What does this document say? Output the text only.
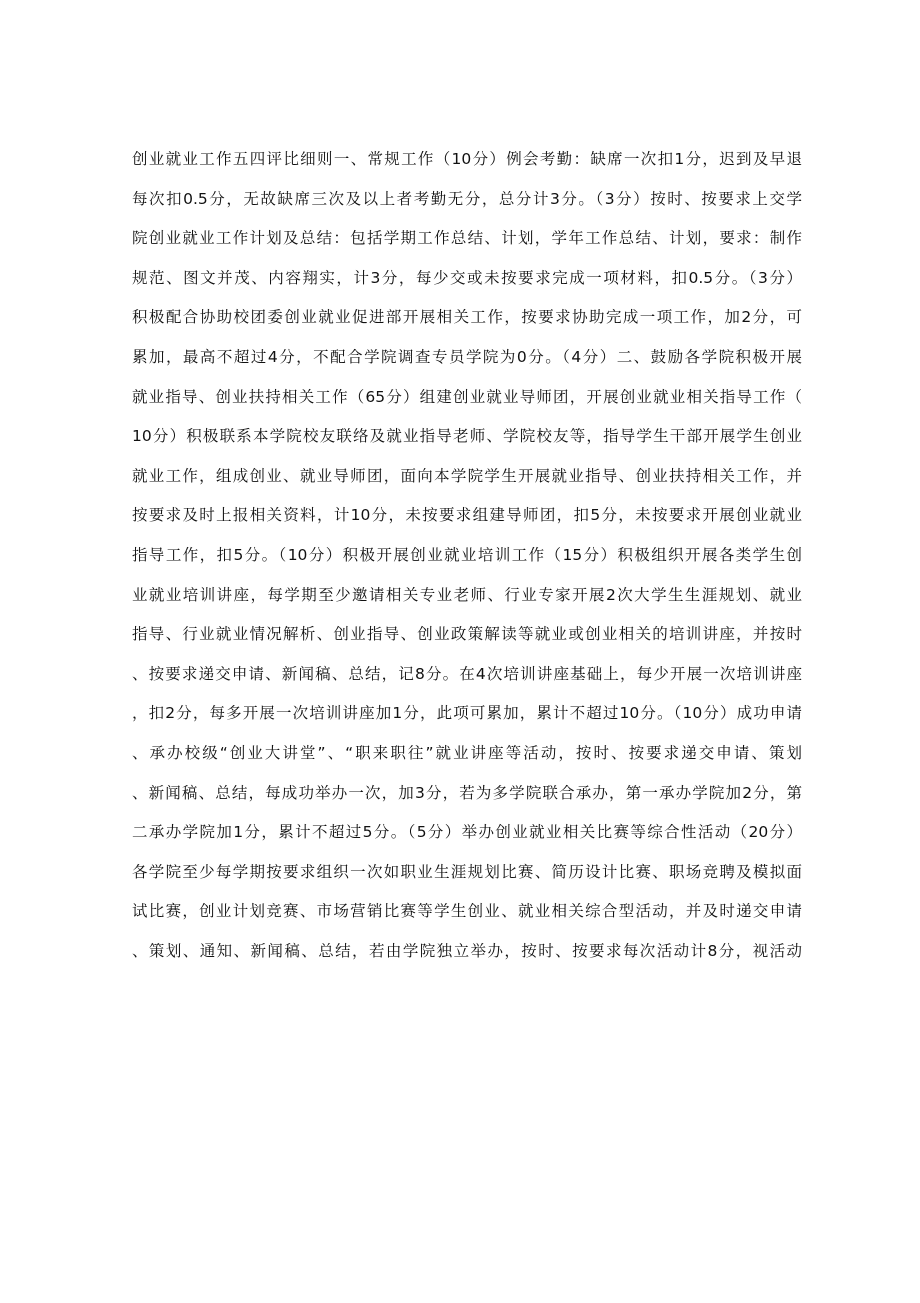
创业就业工作五四评比细则一、常规工作（10分）例会考勤：缺席一次扣1分，迟到及早退
每次扣0.5分，无故缺席三次及以上者考勤无分，总分计3分。（3分）按时、按要求上交学
院创业就业工作计划及总结：包括学期工作总结、计划，学年工作总结、计划，要求：制作
规范、图文并茂、内容翔实，计3分，每少交或未按要求完成一项材料，扣0.5分。（3分）
积极配合协助校团委创业就业促进部开展相关工作，按要求协助完成一项工作，加2分，可
累加，最高不超过4分，不配合学院调查专员学院为0分。（4分）二、鼓励各学院积极开展
就业指导、创业扶持相关工作（65分）组建创业就业导师团，开展创业就业相关指导工作（
10分）积极联系本学院校友联络及就业指导老师、学院校友等，指导学生干部开展学生创业
就业工作，组成创业、就业导师团，面向本学院学生开展就业指导、创业扶持相关工作，并
按要求及时上报相关资料，计10分，未按要求组建导师团，扣5分，未按要求开展创业就业
指导工作，扣5分。（10分）积极开展创业就业培训工作（15分）积极组织开展各类学生创
业就业培训讲座，每学期至少邀请相关专业老师、行业专家开展2次大学生生涯规划、就业
指导、行业就业情况解析、创业指导、创业政策解读等就业或创业相关的培训讲座，并按时
、按要求递交申请、新闻稿、总结，记8分。在4次培训讲座基础上，每少开展一次培训讲座
，扣2分，每多开展一次培训讲座加1分，此项可累加，累计不超过10分。（10分）成功申请
、承办校级“创业大讲堂”、“职来职往”就业讲座等活动，按时、按要求递交申请、策划
、新闻稿、总结，每成功举办一次，加3分，若为多学院联合承办，第一承办学院加2分，第
二承办学院加1分，累计不超过5分。（5分）举办创业就业相关比赛等综合性活动（20分）
各学院至少每学期按要求组织一次如职业生涯规划比赛、简历设计比赛、职场竞聘及模拟面
试比赛，创业计划竞赛、市场营销比赛等学生创业、就业相关综合型活动，并及时递交申请
、策划、通知、新闻稿、总结，若由学院独立举办，按时、按要求每次活动计8分，视活动
